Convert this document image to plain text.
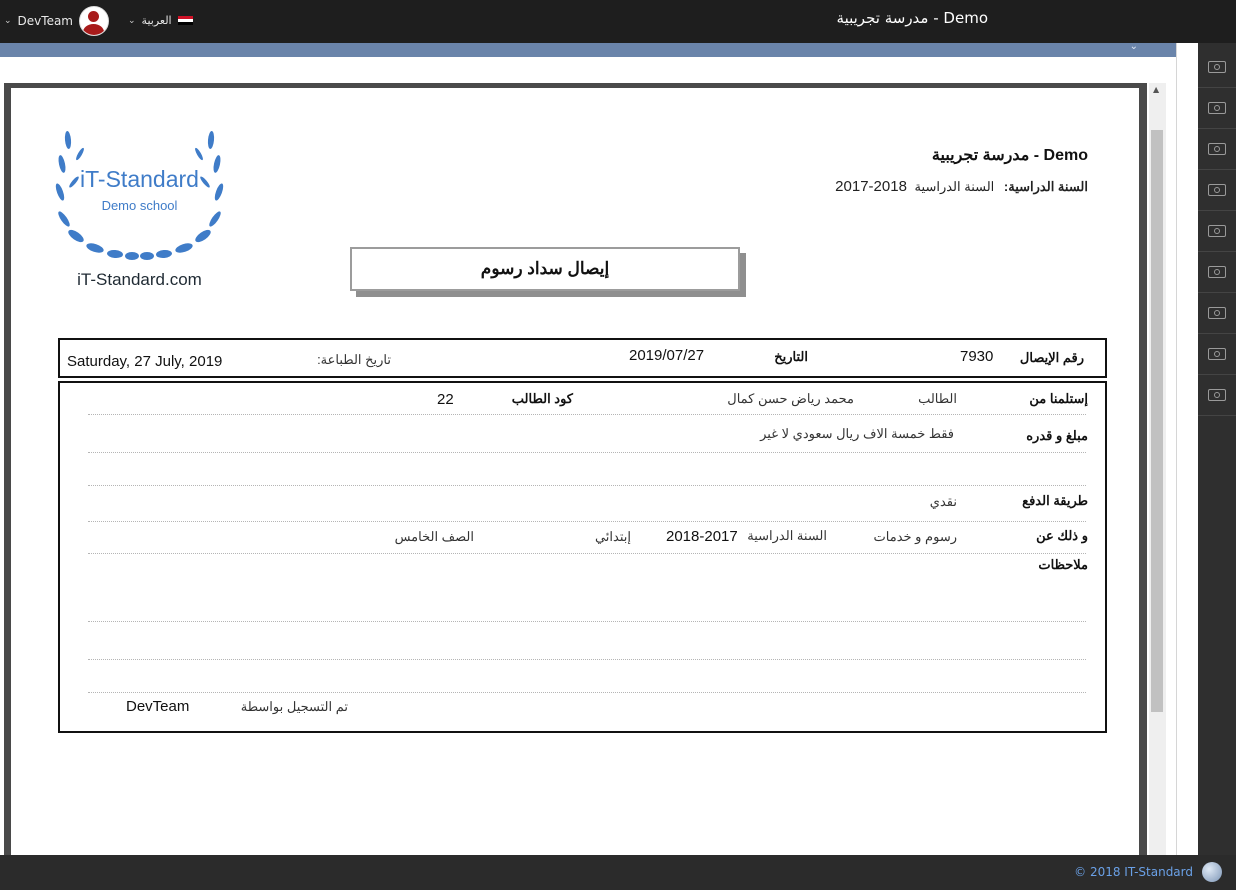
⌄ DevTeam	⌄ العربية	Demo - مدرسة تجريبية
⌄
▲
iT-Standard
Demo school
iT-Standard.com
Demo - مدرسة تجريبية
السنة الدراسية: السنة الدراسية 2018-2017
إيصال سداد رسوم
رقم الإيصال
7930
التاريخ
2019/07/27
تاريخ الطباعة:
Saturday, 27 July, 2019
إستلمنا من
الطالب
محمد رياض حسن كمال
كود الطالب
22
مبلغ و قدره
فقط خمسة الاف ريال سعودي لا غير
طريقة الدفع
نقدي
و ذلك عن
رسوم و خدمات
السنة الدراسية
2018-2017
إبتدائي
الصف الخامس
ملاحظات
تم التسجيل بواسطة
DevTeam
© 2018 IT-Standard
